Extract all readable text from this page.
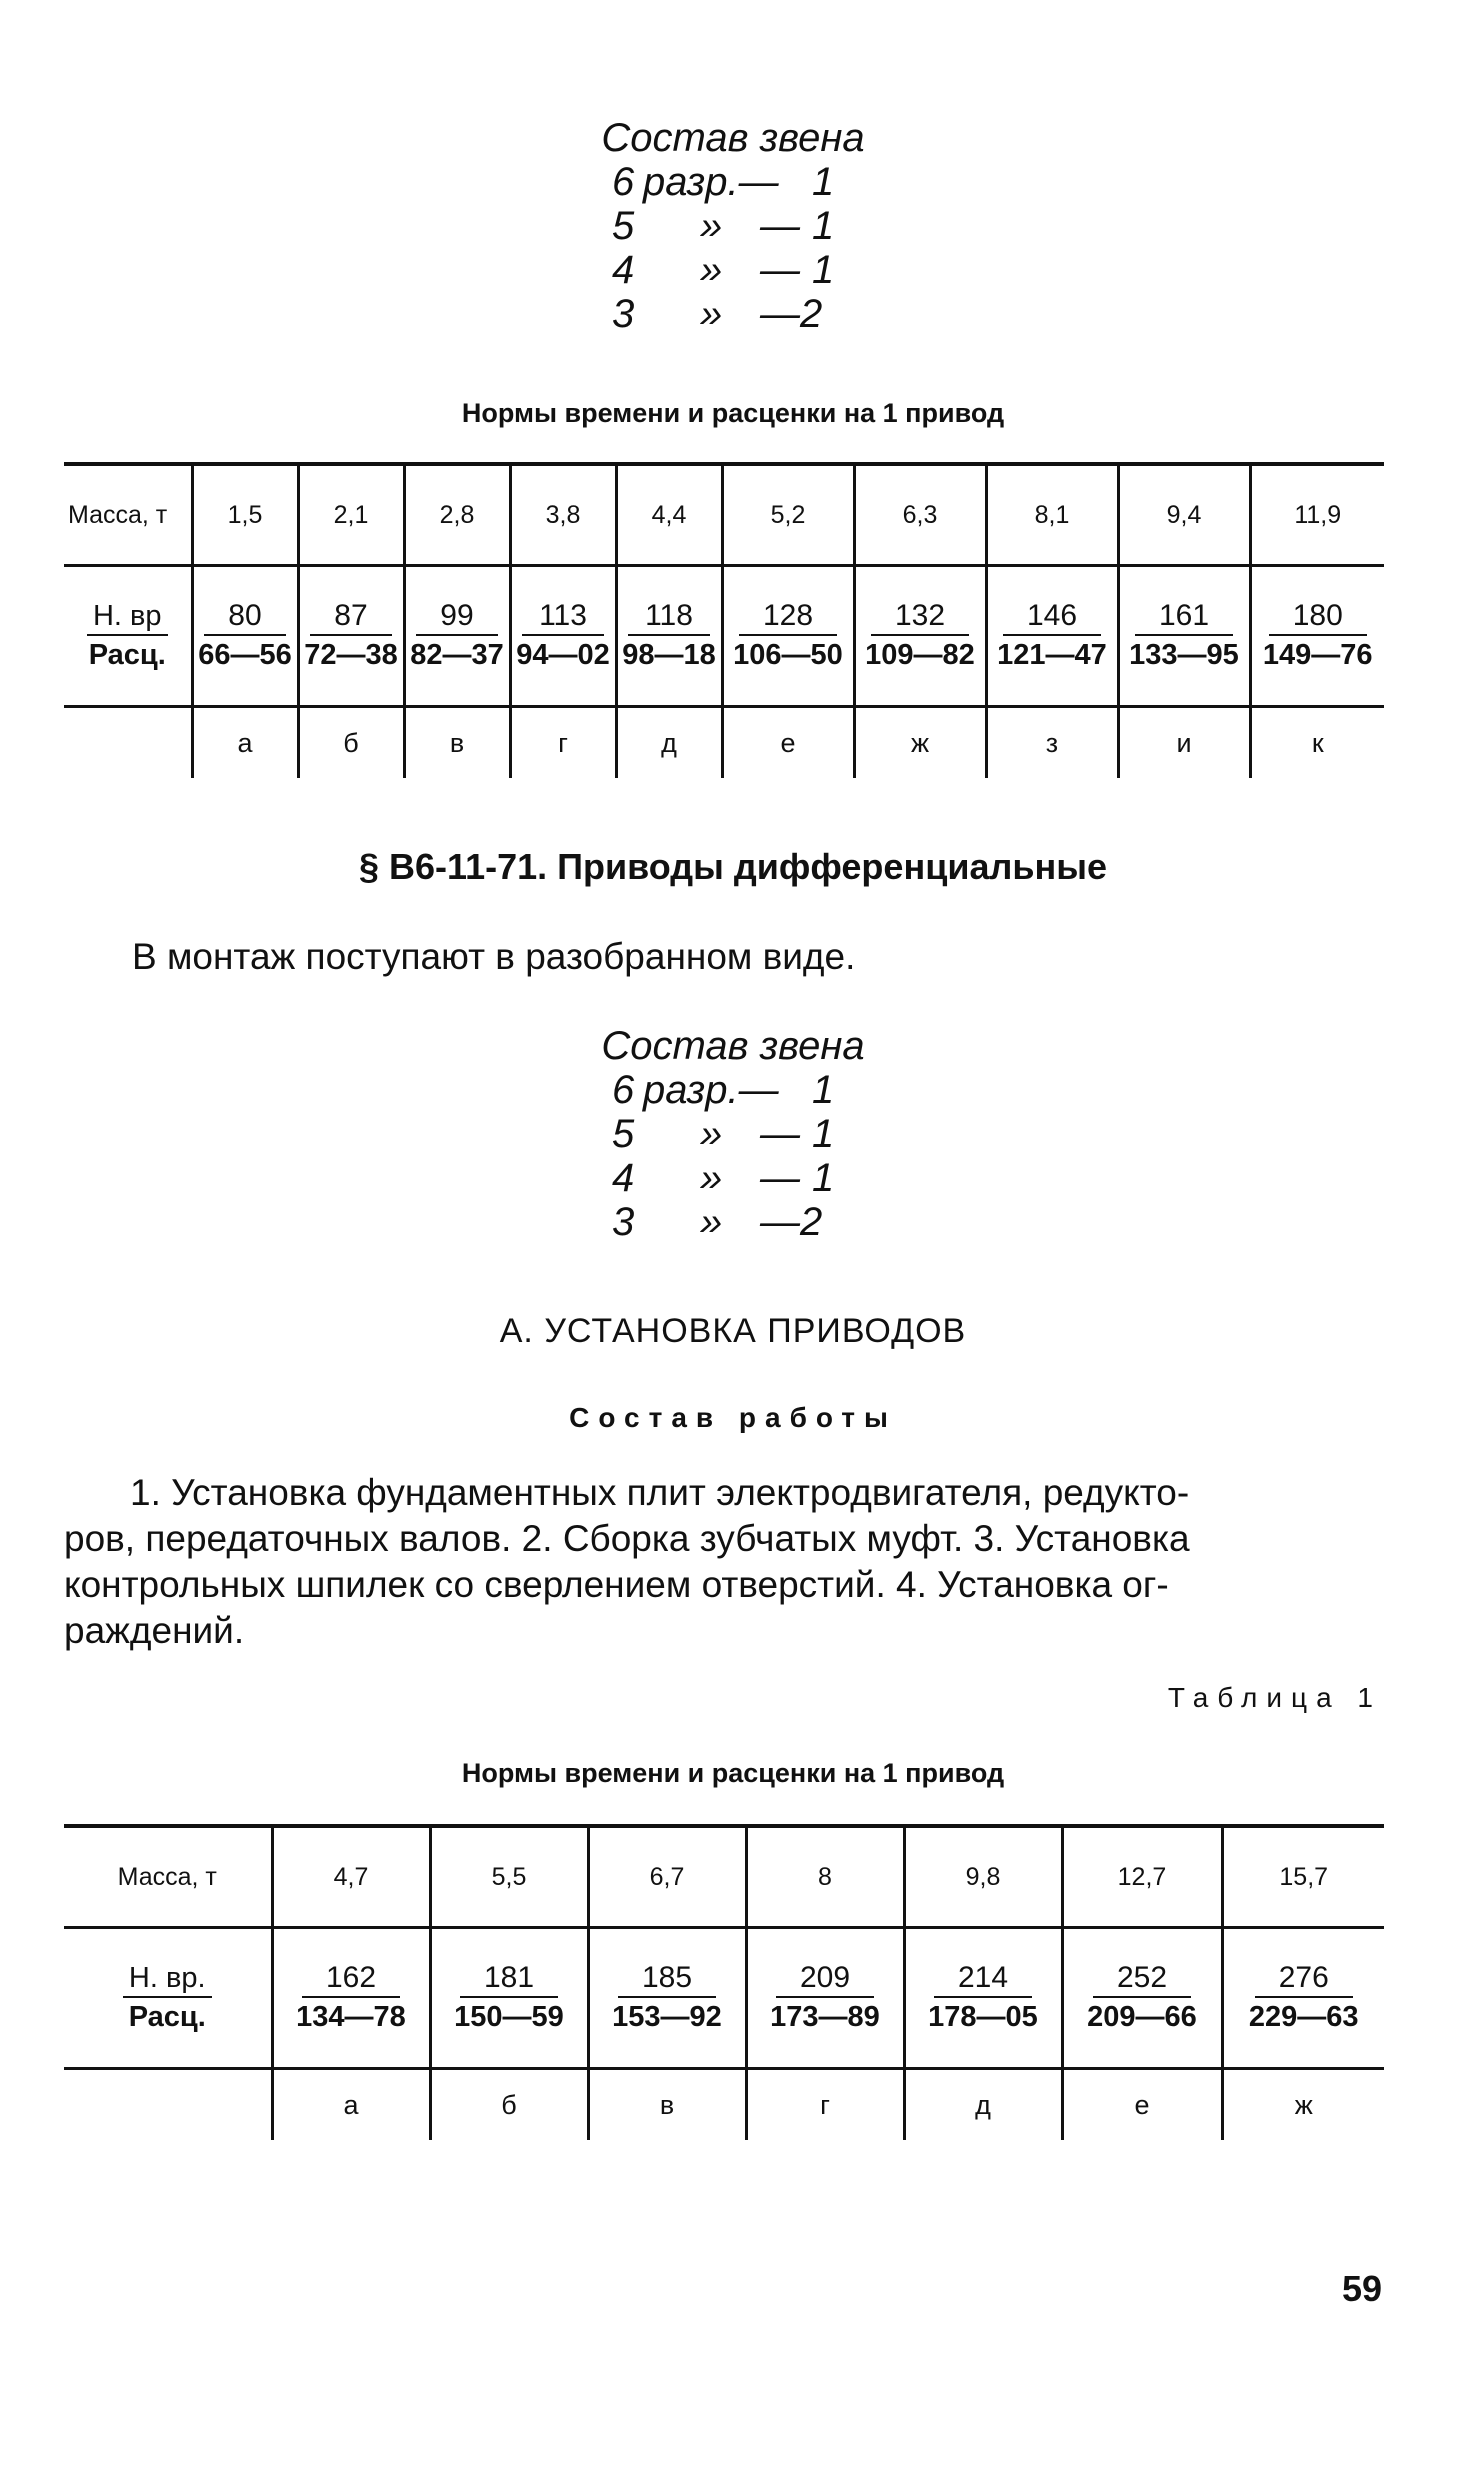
Состав звена
6 разр.— 1
5 » — 1
4 » — 1
3 » — 2
Нормы времени и расценки на 1 привод
Масса, т	1,5	2,1	2,8	3,8	4,4	5,2	6,3	8,1	9,4	11,9

$\frac{Н. вр}{\text{Расц.}}$	$\frac{80}{66—56}$	$\frac{87}{72—38}$	$\frac{99}{82—37}$	$\frac{113}{94—02}$	$\frac{118}{98—18}$	$\frac{128}{106—50}$	$\frac{132}{109—82}$	$\frac{146}{121—47}$	$\frac{161}{133—95}$	$\frac{180}{149—76}$

	а	б	в	г	д	е	ж	з	и	к
§ В6-11-71. Приводы дифференциальные
В монтаж поступают в разобранном виде.
Состав звена
6 разр.— 1
5 » — 1
4 » — 1
3 » — 2
А. УСТАНОВКА ПРИВОДОВ
Состав работы
1. Установка фундаментных плит электродвигателя, редукто-
ров, передаточных валов. 2. Сборка зубчатых муфт. 3. Установка
контрольных шпилек со сверлением отверстий. 4. Установка ог-
раждений.
Таблица 1
Нормы времени и расценки на 1 привод
Масса, т	4,7	5,5	6,7	8	9,8	12,7	15,7

$\frac{Н. вр.}{\text{Расц.}}$	$\frac{162}{134—78}$	$\frac{181}{150—59}$	$\frac{185}{153—92}$	$\frac{209}{173—89}$	$\frac{214}{178—05}$	$\frac{252}{209—66}$	$\frac{276}{229—63}$

	а	б	в	г	д	е	ж
59
